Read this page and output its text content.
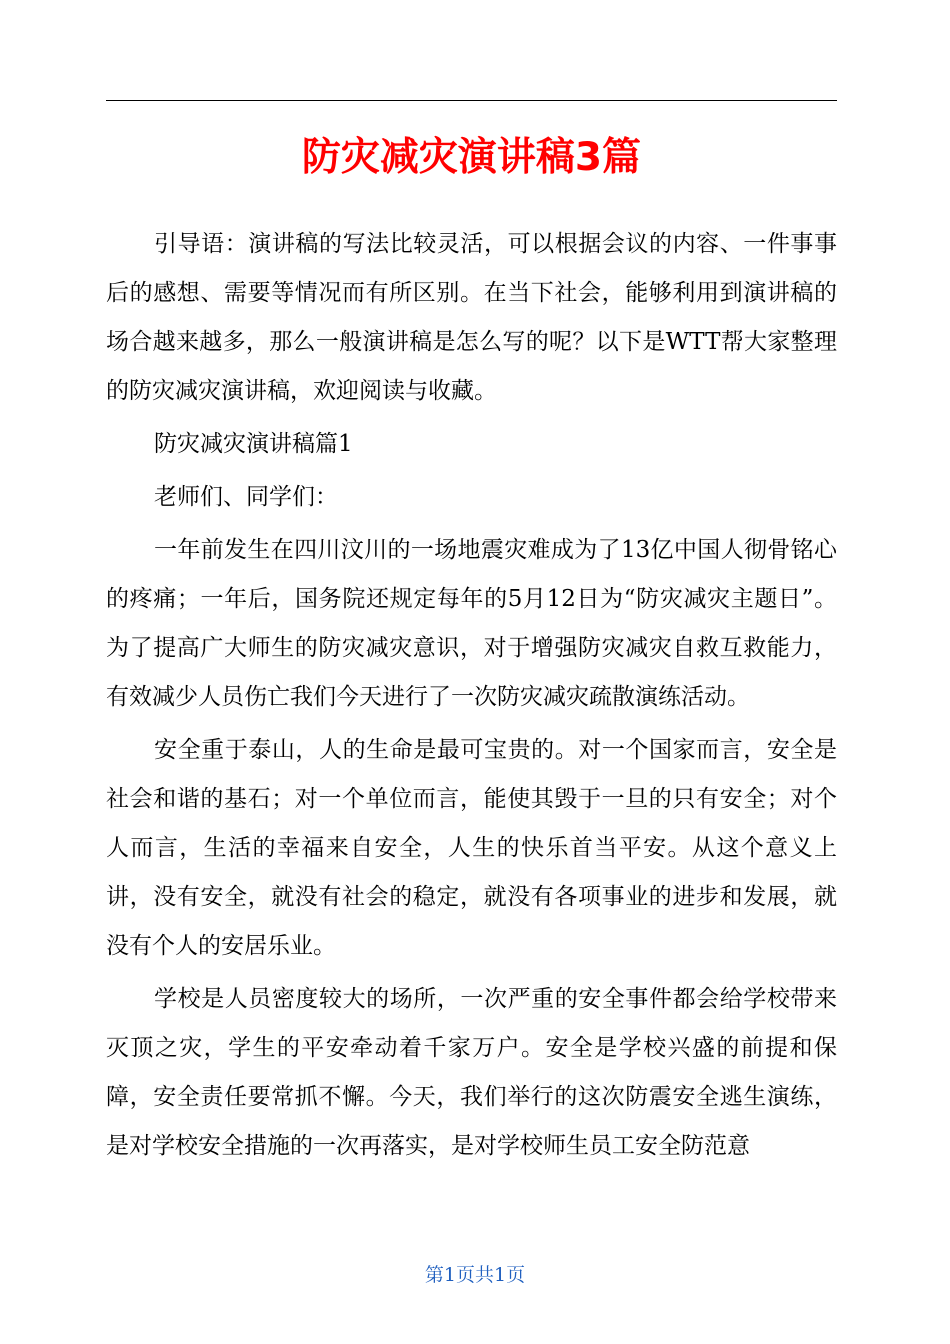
防灾减灾演讲稿3篇

引导语：演讲稿的写法比较灵活，可以根据会议的内容、一件事事后的感想、需要等情况而有所区别。在当下社会，能够利用到演讲稿的场合越来越多，那么一般演讲稿是怎么写的呢？以下是WTT帮大家整理的防灾减灾演讲稿，欢迎阅读与收藏。

防灾减灾演讲稿篇1

老师们、同学们：

一年前发生在四川汶川的一场地震灾难成为了13亿中国人彻骨铭心的疼痛；一年后，国务院还规定每年的5月12日为“防灾减灾主题日”。为了提高广大师生的防灾减灾意识，对于增强防灾减灾自救互救能力，有效减少人员伤亡我们今天进行了一次防灾减灾疏散演练活动。

安全重于泰山，人的生命是最可宝贵的。对一个国家而言，安全是社会和谐的基石；对一个单位而言，能使其毁于一旦的只有安全；对个人而言，生活的幸福来自安全，人生的快乐首当平安。从这个意义上讲，没有安全，就没有社会的稳定，就没有各项事业的进步和发展，就没有个人的安居乐业。

学校是人员密度较大的场所，一次严重的安全事件都会给学校带来灭顶之灾，学生的平安牵动着千家万户。安全是学校兴盛的前提和保障，安全责任要常抓不懈。今天，我们举行的这次防震安全逃生演练，是对学校安全措施的一次再落实，是对学校师生员工安全防范意

第1页共1页
